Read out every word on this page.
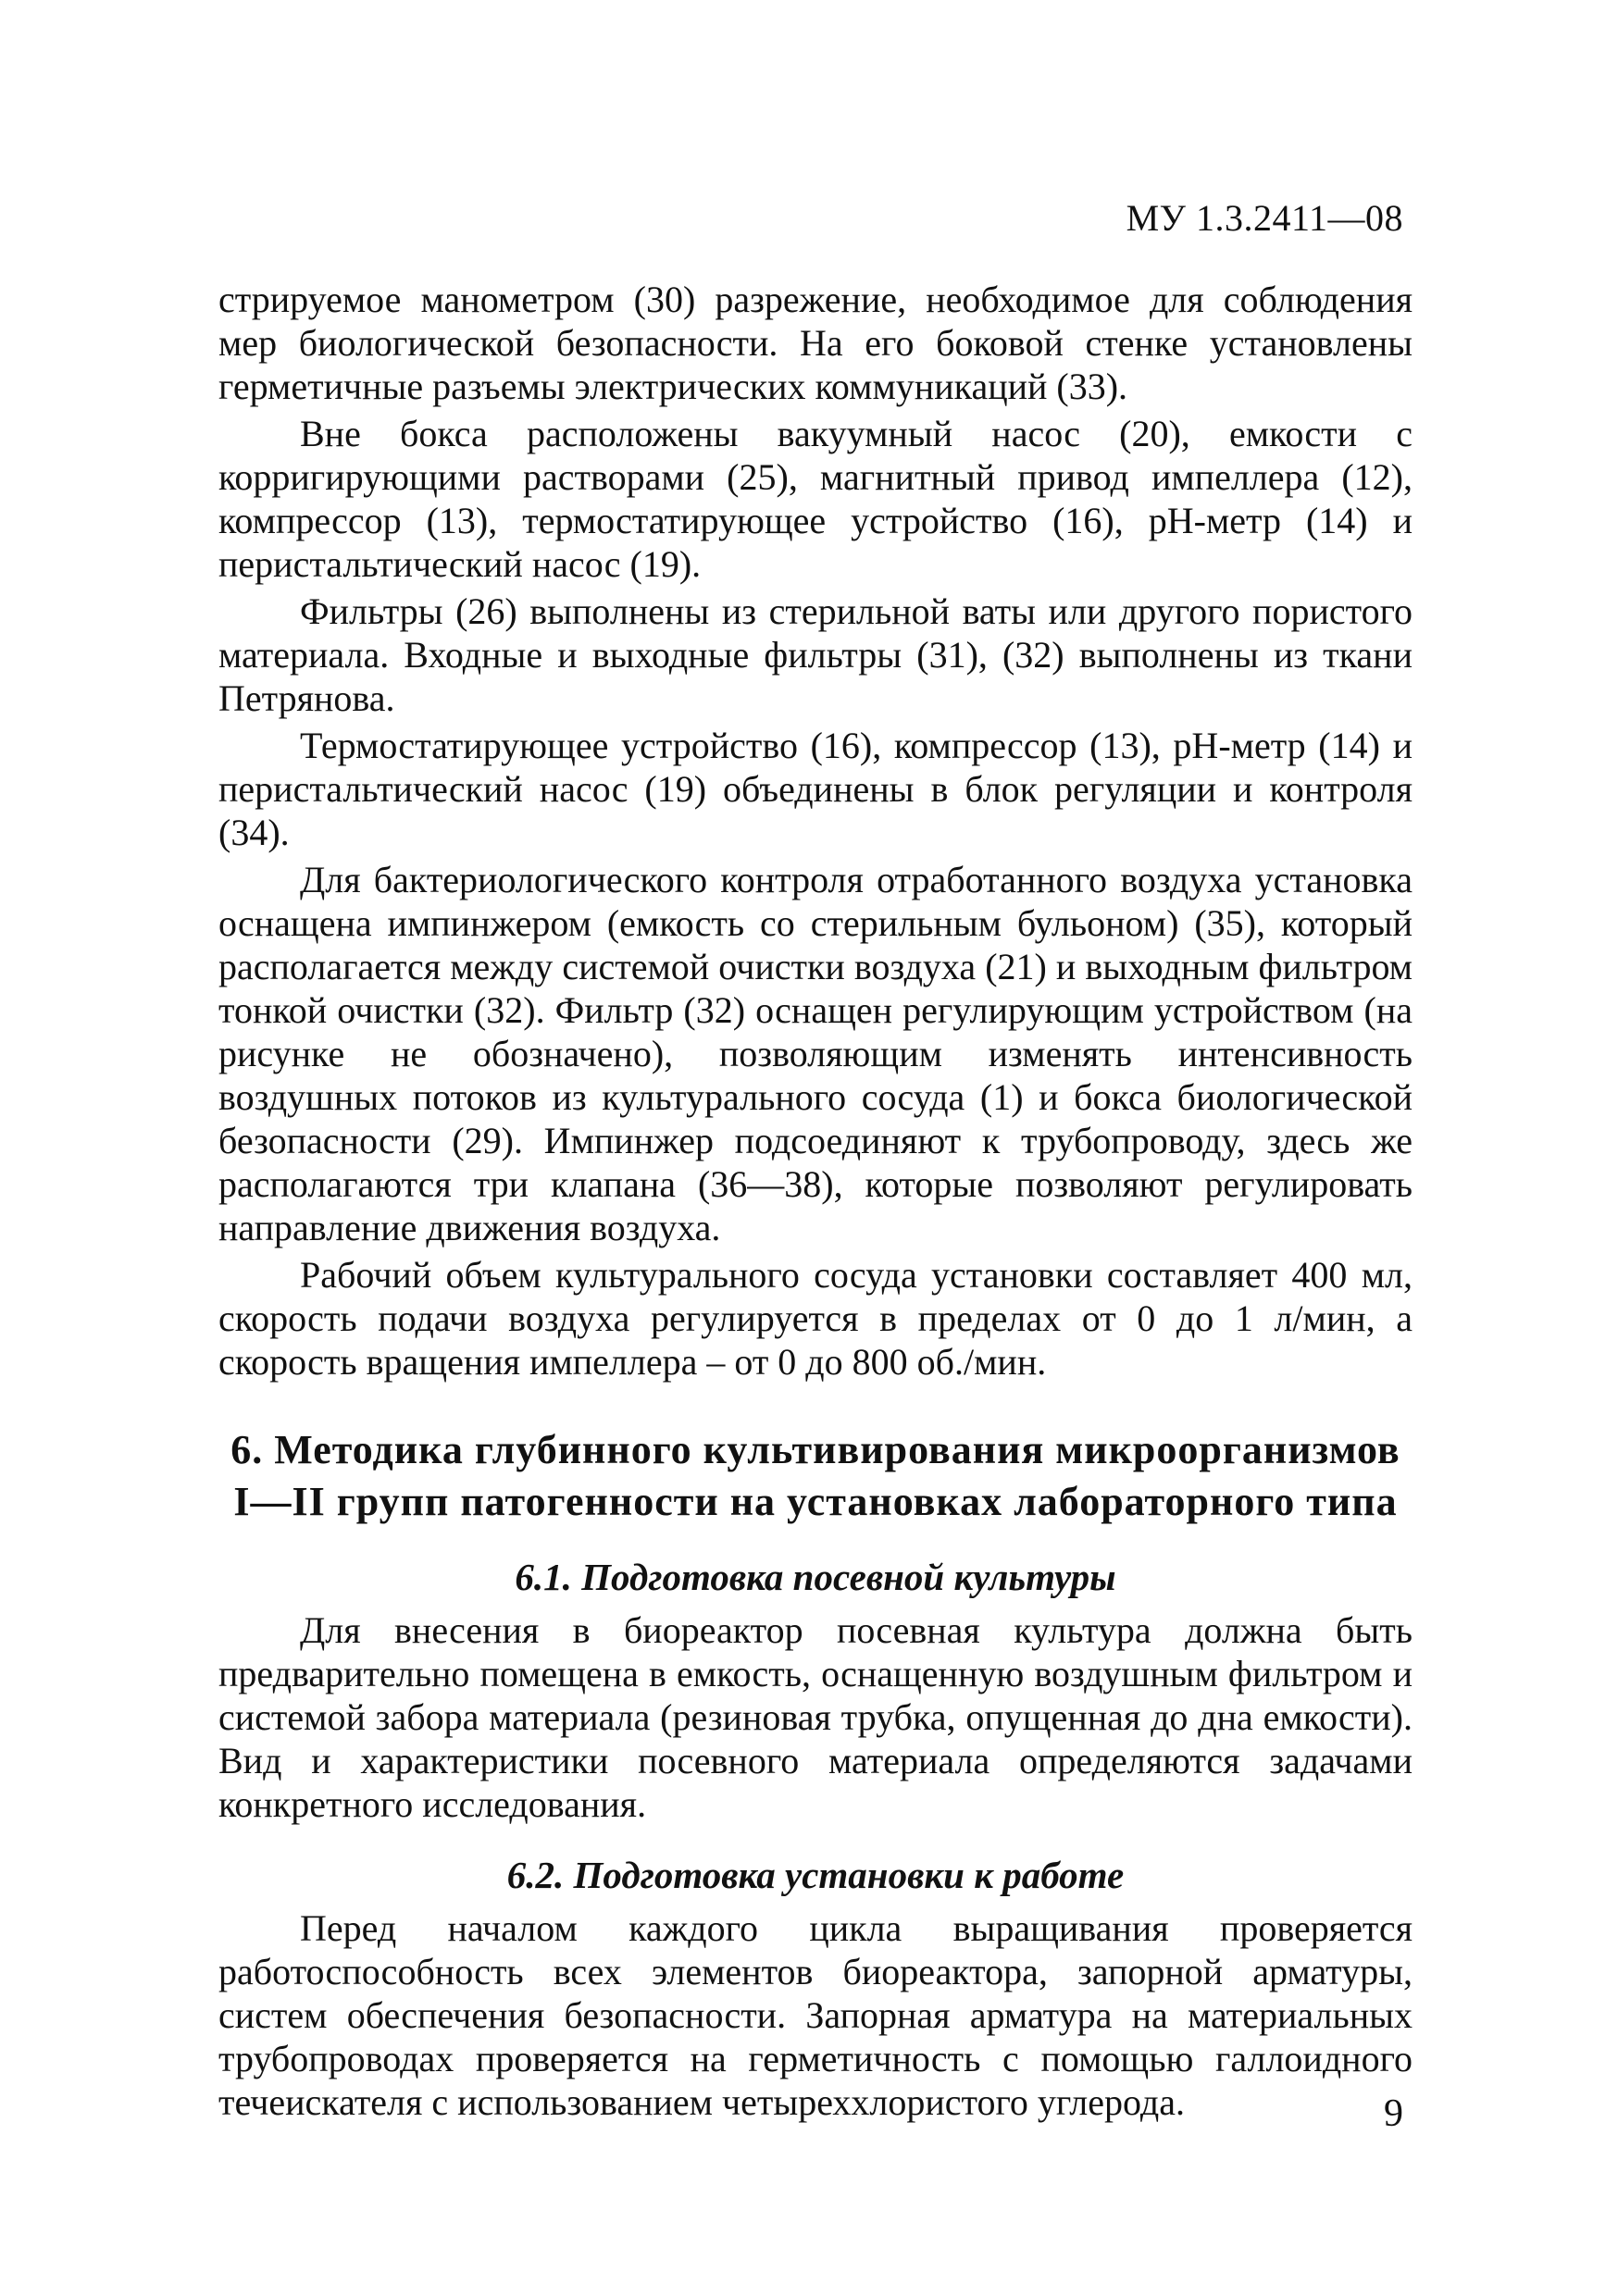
МУ 1.3.2411—08

стрируемое манометром (30) разрежение, необходимое для соблюдения мер биологической безопасности. На его боковой стенке установлены герметичные разъемы электрических коммуникаций (33).

Вне бокса расположены вакуумный насос (20), емкости с корригирующими растворами (25), магнитный привод импеллера (12), компрессор (13), термостатирующее устройство (16), pH-метр (14) и перистальтический насос (19).

Фильтры (26) выполнены из стерильной ваты или другого пористого материала. Входные и выходные фильтры (31), (32) выполнены из ткани Петрянова.

Термостатирующее устройство (16), компрессор (13), pH-метр (14) и перистальтический насос (19) объединены в блок регуляции и контроля (34).

Для бактериологического контроля отработанного воздуха установка оснащена импинжером (емкость со стерильным бульоном) (35), который располагается между системой очистки воздуха (21) и выходным фильтром тонкой очистки (32). Фильтр (32) оснащен регулирующим устройством (на рисунке не обозначено), позволяющим изменять интенсивность воздушных потоков из культурального сосуда (1) и бокса биологической безопасности (29). Импинжер подсоединяют к трубопроводу, здесь же располагаются три клапана (36—38), которые позволяют регулировать направление движения воздуха.

Рабочий объем культурального сосуда установки составляет 400 мл, скорость подачи воздуха регулируется в пределах от 0 до 1 л/мин, а скорость вращения импеллера – от 0 до 800 об./мин.

6. Методика глубинного культивирования микроорганизмов
I—II групп патогенности на установках лабораторного типа
6.1. Подготовка посевной культуры

Для внесения в биореактор посевная культура должна быть предварительно помещена в емкость, оснащенную воздушным фильтром и системой забора материала (резиновая трубка, опущенная до дна емкости). Вид и характеристики посевного материала определяются задачами конкретного исследования.

6.2. Подготовка установки к работе

Перед началом каждого цикла выращивания проверяется работоспособность всех элементов биореактора, запорной арматуры, систем обеспечения безопасности. Запорная арматура на материальных трубопроводах проверяется на герметичность с помощью галлоидного течеискателя с использованием четыреххлористого углерода.	9
